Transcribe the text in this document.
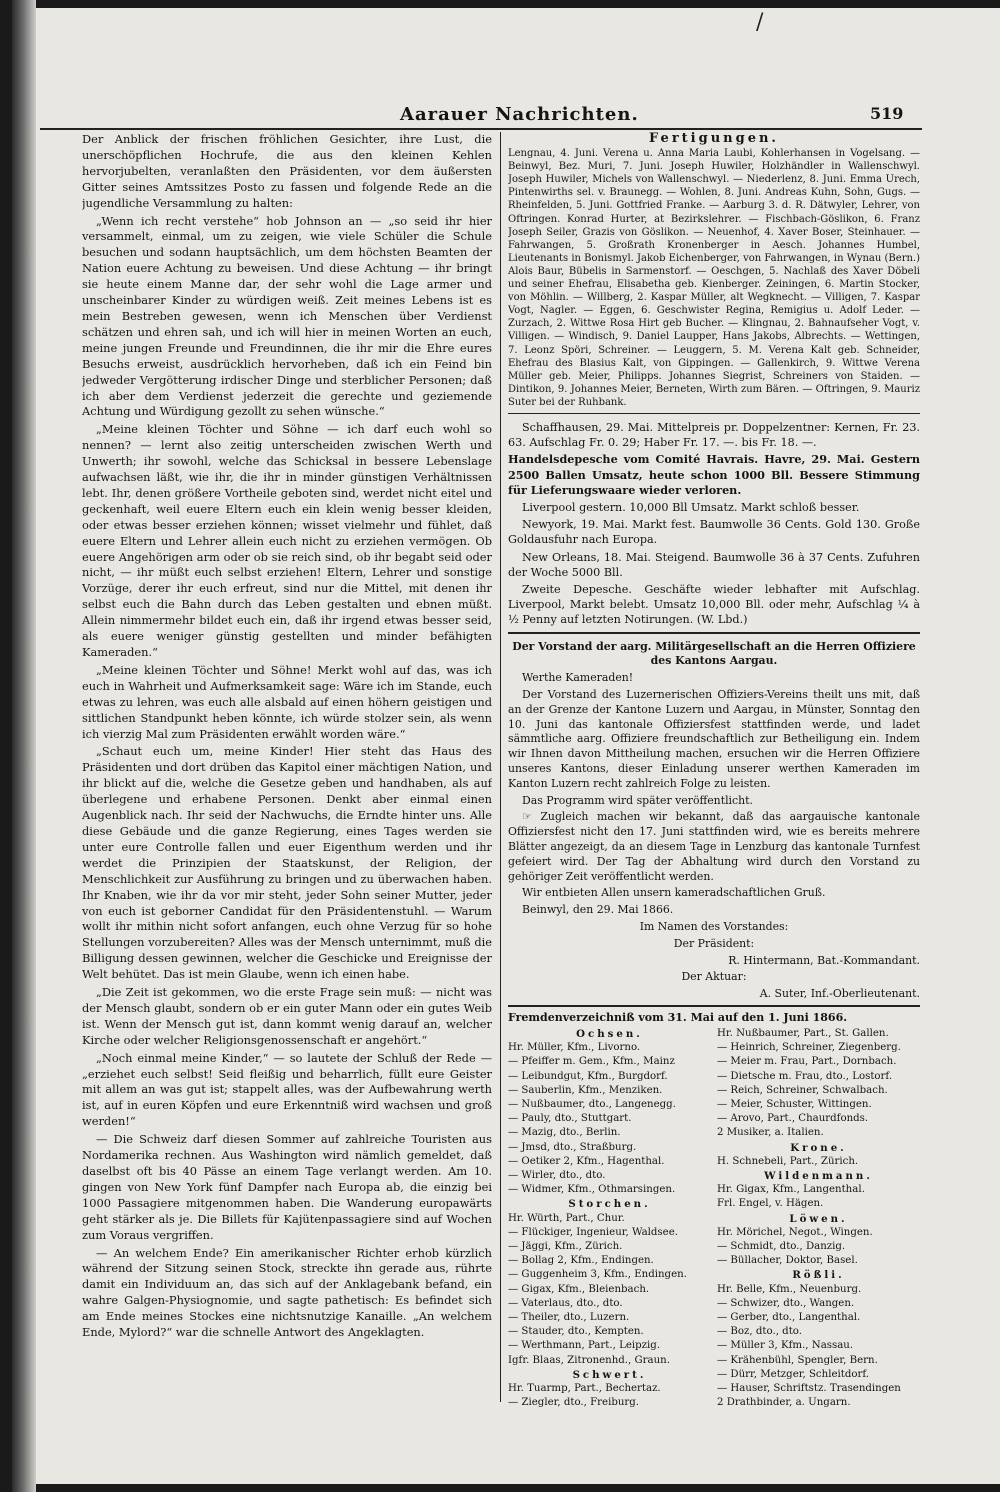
/
Aarauer Nachrichten.	519

Der Anblick der frischen fröhlichen Gesichter, ihre Lust, die unerschöpflichen Hochrufe, die aus den kleinen Kehlen hervorjubelten, veranlaßten den Präsidenten, vor dem äußersten Gitter seines Amtssitzes Posto zu fassen und folgende Rede an die jugendliche Versammlung zu halten:

„Wenn ich recht verstehe“ hob Johnson an — „so seid ihr hier versammelt, einmal, um zu zeigen, wie viele Schüler die Schule besuchen und sodann hauptsächlich, um dem höchsten Beamten der Nation euere Achtung zu beweisen. Und diese Achtung — ihr bringt sie heute einem Manne dar, der sehr wohl die Lage armer und unscheinbarer Kinder zu würdigen weiß. Zeit meines Lebens ist es mein Bestreben gewesen, wenn ich Menschen über Verdienst schätzen und ehren sah, und ich will hier in meinen Worten an euch, meine jungen Freunde und Freundinnen, die ihr mir die Ehre eures Besuchs erweist, ausdrücklich hervorheben, daß ich ein Feind bin jedweder Vergötterung irdischer Dinge und sterblicher Personen; daß ich aber dem Verdienst jederzeit die gerechte und geziemende Achtung und Würdigung gezollt zu sehen wünsche.“

„Meine kleinen Töchter und Söhne — ich darf euch wohl so nennen? — lernt also zeitig unterscheiden zwischen Werth und Unwerth; ihr sowohl, welche das Schicksal in bessere Lebenslage aufwachsen läßt, wie ihr, die ihr in minder günstigen Verhältnissen lebt. Ihr, denen größere Vortheile geboten sind, werdet nicht eitel und geckenhaft, weil euere Eltern euch ein klein wenig besser kleiden, oder etwas besser erziehen können; wisset vielmehr und fühlet, daß euere Eltern und Lehrer allein euch nicht zu erziehen vermögen. Ob euere Angehörigen arm oder ob sie reich sind, ob ihr begabt seid oder nicht, — ihr müßt euch selbst erziehen! Eltern, Lehrer und sonstige Vorzüge, derer ihr euch erfreut, sind nur die Mittel, mit denen ihr selbst euch die Bahn durch das Leben gestalten und ebnen müßt. Allein nimmermehr bildet euch ein, daß ihr irgend etwas besser seid, als euere weniger günstig gestellten und minder befähigten Kameraden.“

„Meine kleinen Töchter und Söhne! Merkt wohl auf das, was ich euch in Wahrheit und Aufmerksamkeit sage: Wäre ich im Stande, euch etwas zu lehren, was euch alle alsbald auf einen höhern geistigen und sittlichen Standpunkt heben könnte, ich würde stolzer sein, als wenn ich vierzig Mal zum Präsidenten erwählt worden wäre.“

„Schaut euch um, meine Kinder! Hier steht das Haus des Präsidenten und dort drüben das Kapitol einer mächtigen Nation, und ihr blickt auf die, welche die Gesetze geben und handhaben, als auf überlegene und erhabene Personen. Denkt aber einmal einen Augenblick nach. Ihr seid der Nachwuchs, die Erndte hinter uns. Alle diese Gebäude und die ganze Regierung, eines Tages werden sie unter eure Controlle fallen und euer Eigenthum werden und ihr werdet die Prinzipien der Staatskunst, der Religion, der Menschlichkeit zur Ausführung zu bringen und zu überwachen haben. Ihr Knaben, wie ihr da vor mir steht, jeder Sohn seiner Mutter, jeder von euch ist geborner Candidat für den Präsidentenstuhl. — Warum wollt ihr mithin nicht sofort anfangen, euch ohne Verzug für so hohe Stellungen vorzubereiten? Alles was der Mensch unternimmt, muß die Billigung dessen gewinnen, welcher die Geschicke und Ereignisse der Welt behütet. Das ist mein Glaube, wenn ich einen habe.

„Die Zeit ist gekommen, wo die erste Frage sein muß: — nicht was der Mensch glaubt, sondern ob er ein guter Mann oder ein gutes Weib ist. Wenn der Mensch gut ist, dann kommt wenig darauf an, welcher Kirche oder welcher Religionsgenossenschaft er angehört.“

„Noch einmal meine Kinder,“ — so lautete der Schluß der Rede — „erziehet euch selbst! Seid fleißig und beharrlich, füllt eure Geister mit allem an was gut ist; stappelt alles, was der Aufbewahrung werth ist, auf in euren Köpfen und eure Erkenntniß wird wachsen und groß werden!“

— Die Schweiz darf diesen Sommer auf zahlreiche Touristen aus Nordamerika rechnen. Aus Washington wird nämlich gemeldet, daß daselbst oft bis 40 Pässe an einem Tage verlangt werden. Am 10. gingen von New York fünf Dampfer nach Europa ab, die einzig bei 1000 Passagiere mitgenommen haben. Die Wanderung europawärts geht stärker als je. Die Billets für Kajütenpassagiere sind auf Wochen zum Voraus vergriffen.

— An welchem Ende? Ein amerikanischer Richter erhob kürzlich während der Sitzung seinen Stock, streckte ihn gerade aus, rührte damit ein Individuum an, das sich auf der Anklagebank befand, ein wahre Galgen-Physiognomie, und sagte pathetisch: Es befindet sich am Ende meines Stockes eine nichtsnutzige Kanaille. „An welchem Ende, Mylord?“ war die schnelle Antwort des Angeklagten.

Fertigungen.

Lengnau, 4. Juni. Verena u. Anna Maria Laubi, Kohlerhansen in Vogelsang. — Beinwyl, Bez. Muri, 7. Juni. Joseph Huwiler, Holzhändler in Wallenschwyl. Joseph Huwiler, Michels von Wallenschwyl. — Niederlenz, 8. Juni. Emma Urech, Pintenwirths sel. v. Braunegg. — Wohlen, 8. Juni. Andreas Kuhn, Sohn, Gugs. — Rheinfelden, 5. Juni. Gottfried Franke. — Aarburg 3. d. R. Dätwyler, Lehrer, von Oftringen. Konrad Hurter, at Bezirkslehrer. — Fischbach-Göslikon, 6. Franz Joseph Seiler, Grazis von Göslikon. — Neuenhof, 4. Xaver Boser, Steinhauer. — Fahrwangen, 5. Großrath Kronenberger in Aesch. Johannes Humbel, Lieutenants in Bonismyl. Jakob Eichenberger, von Fahrwangen, in Wynau (Bern.) Alois Baur, Bübelis in Sarmenstorf. — Oeschgen, 5. Nachlaß des Xaver Döbeli und seiner Ehefrau, Elisabetha geb. Kienberger. Zeiningen, 6. Martin Stocker, von Möhlin. — Willberg, 2. Kaspar Müller, alt Wegknecht. — Villigen, 7. Kaspar Vogt, Nagler. — Eggen, 6. Geschwister Regina, Remigius u. Adolf Leder. — Zurzach, 2. Wittwe Rosa Hirt geb Bucher. — Klingnau, 2. Bahnaufseher Vogt, v. Villigen. — Windisch, 9. Daniel Laupper, Hans Jakobs, Albrechts. — Wettingen, 7. Leonz Spöri, Schreiner. — Leuggern, 5. M. Verena Kalt geb. Schneider, Ehefrau des Blasius Kalt, von Gippingen. — Gallenkirch, 9. Wittwe Verena Müller geb. Meier, Philipps. Johannes Siegrist, Schreiners von Staiden. — Dintikon, 9. Johannes Meier, Berneten, Wirth zum Bären. — Oftringen, 9. Mauriz Suter bei der Ruhbank.

Schaffhausen, 29. Mai. Mittelpreis pr. Doppelzentner: Kernen, Fr. 23. 63. Aufschlag Fr. 0. 29; Haber Fr. 17. —. bis Fr. 18. —.

Handelsdepesche vom Comité Havrais. Havre, 29. Mai. Gestern 2500 Ballen Umsatz, heute schon 1000 Bll. Bessere Stimmung für Lieferungswaare wieder verloren.

Liverpool gestern. 10,000 Bll Umsatz. Markt schloß besser.

Newyork, 19. Mai. Markt fest. Baumwolle 36 Cents. Gold 130. Große Goldausfuhr nach Europa.

New Orleans, 18. Mai. Steigend. Baumwolle 36 à 37 Cents. Zufuhren der Woche 5000 Bll.

Zweite Depesche. Geschäfte wieder lebhafter mit Aufschlag. Liverpool, Markt belebt. Umsatz 10,000 Bll. oder mehr, Aufschlag ¼ à ½ Penny auf letzten Notirungen. (W. Lbd.)

Der Vorstand der aarg. Militärgesellschaft an die Herren Offiziere des Kantons Aargau.

Werthe Kameraden!

Der Vorstand des Luzernerischen Offiziers-Vereins theilt uns mit, daß an der Grenze der Kantone Luzern und Aargau, in Münster, Sonntag den 10. Juni das kantonale Offiziersfest stattfinden werde, und ladet sämmtliche aarg. Offiziere freundschaftlich zur Betheiligung ein. Indem wir Ihnen davon Mittheilung machen, ersuchen wir die Herren Offiziere unseres Kantons, dieser Einladung unserer werthen Kameraden im Kanton Luzern recht zahlreich Folge zu leisten.

Das Programm wird später veröffentlicht.

☞ Zugleich machen wir bekannt, daß das aargauische kantonale Offiziersfest nicht den 17. Juni stattfinden wird, wie es bereits mehrere Blätter angezeigt, da an diesem Tage in Lenzburg das kantonale Turnfest gefeiert wird. Der Tag der Abhaltung wird durch den Vorstand zu gehöriger Zeit veröffentlicht werden.

Wir entbieten Allen unsern kameradschaftlichen Gruß.

Beinwyl, den 29. Mai 1866.

Im Namen des Vorstandes:

Der Präsident:

R. Hintermann, Bat.-Kommandant.

Der Aktuar:

A. Suter, Inf.-Oberlieutenant.

Fremdenverzeichniß vom 31. Mai auf den 1. Juni 1866.

Ochsen.
Hr. Müller, Kfm., Livorno.
— Pfeiffer m. Gem., Kfm., Mainz
— Leibundgut, Kfm., Burgdorf.
— Sauberlin, Kfm., Menziken.
— Nußbaumer, dto., Langenegg.
— Pauly, dto., Stuttgart.
— Mazig, dto., Berlin.
— Jmsd, dto., Straßburg.
— Oetiker 2, Kfm., Hagenthal.
— Wirler, dto., dto.
— Widmer, Kfm., Othmarsingen.
Storchen.
Hr. Würth, Part., Chur.
— Flückiger, Ingenieur, Waldsee.
— Jäggi, Kfm., Zürich.
— Bollag 2, Kfm., Endingen.
— Guggenheim 3, Kfm., Endingen.
— Gigax, Kfm., Bleienbach.
— Vaterlaus, dto., dto.
— Theiler, dto., Luzern.
— Stauder, dto., Kempten.
— Werthmann, Part., Leipzig.
Igfr. Blaas, Zitronenhd., Graun.
Schwert.
Hr. Tuarmp, Part., Bechertaz.
— Ziegler, dto., Freiburg.
Hr. Nußbaumer, Part., St. Gallen.
— Heinrich, Schreiner, Ziegenberg.
— Meier m. Frau, Part., Dornbach.
— Dietsche m. Frau, dto., Lostorf.
— Reich, Schreiner, Schwalbach.
— Meier, Schuster, Wittingen.
— Arovo, Part., Chaurdfonds.
2 Musiker, a. Italien.
Krone.
H. Schnebeli, Part., Zürich.
Wildenmann.
Hr. Gigax, Kfm., Langenthal.
Frl. Engel, v. Hägen.
Löwen.
Hr. Mörichel, Negot., Wingen.
— Schmidt, dto., Danzig.
— Büllacher, Doktor, Basel.
Rößli.
Hr. Belle, Kfm., Neuenburg.
— Schwizer, dto., Wangen.
— Gerber, dto., Langenthal.
— Boz, dto., dto.
— Müller 3, Kfm., Nassau.
— Krähenbühl, Spengler, Bern.
— Dürr, Metzger, Schleitdorf.
— Hauser, Schriftstz. Trasendingen
2 Drathbinder, a. Ungarn.
